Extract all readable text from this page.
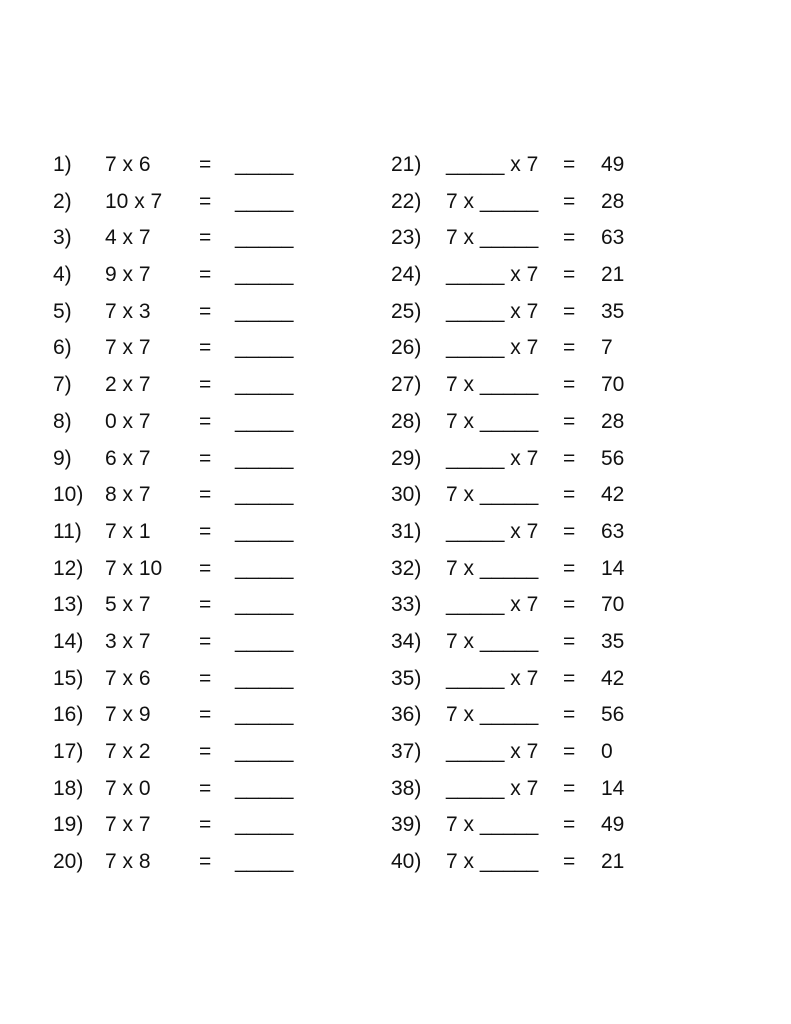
1) 7 x 6 = _____
2) 10 x 7 = _____
3) 4 x 7 = _____
4) 9 x 7 = _____
5) 7 x 3 = _____
6) 7 x 7 = _____
7) 2 x 7 = _____
8) 0 x 7 = _____
9) 6 x 7 = _____
10) 8 x 7 = _____
11) 7 x 1 = _____
12) 7 x 10 = _____
13) 5 x 7 = _____
14) 3 x 7 = _____
15) 7 x 6 = _____
16) 7 x 9 = _____
17) 7 x 2 = _____
18) 7 x 0 = _____
19) 7 x 7 = _____
20) 7 x 8 = _____
21) _____ x 7 = 49
22) 7 x _____ = 28
23) 7 x _____ = 63
24) _____ x 7 = 21
25) _____ x 7 = 35
26) _____ x 7 = 7
27) 7 x _____ = 70
28) 7 x _____ = 28
29) _____ x 7 = 56
30) 7 x _____ = 42
31) _____ x 7 = 63
32) 7 x _____ = 14
33) _____ x 7 = 70
34) 7 x _____ = 35
35) _____ x 7 = 42
36) 7 x _____ = 56
37) _____ x 7 = 0
38) _____ x 7 = 14
39) 7 x _____ = 49
40) 7 x _____ = 21
